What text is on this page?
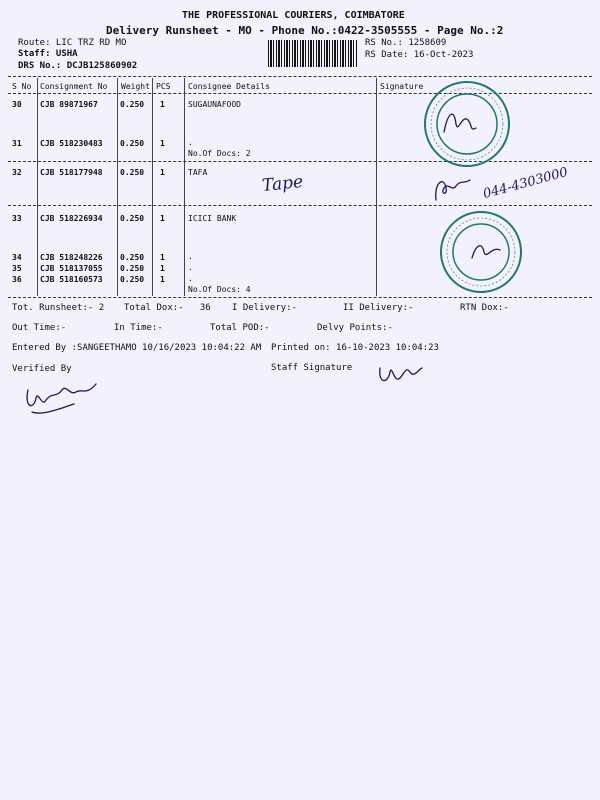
THE PROFESSIONAL COURIERS, COIMBATORE
Delivery Runsheet - MO - Phone No.:0422-3505555 - Page No.:2
Route: LIC TRZ RD MO
Staff: USHA
DRS No.: DCJB125860902
RS No.: 1258609
RS Date: 16-Oct-2023
S No Consignment No Weight PCS Consignee Details	Signature
30 CJB 89871967	0.250 1	SUGAUNAFOOD
31 CJB 518230483 0.250 1	.
No.Of Docs: 2
32 CJB 518177948 0.250 1	TAFA
33 CJB 518226934 0.250 1	ICICI BANK
34 CJB 518248226 0.250 1	.
35 CJB 518137055 0.250 1	.
36 CJB 518160573 0.250 1	.
No.Of Docs: 4
Tot. Runsheet:- 2 Total Dox:-   36 I Delivery:-	II Delivery:-	RTN Dox:-
Out Time:-	In Time:-	Total POD:-	Delvy Points:-
Entered By :SANGEETHAMO 10/16/2023 10:04:22 AM Printed on: 16-10-2023 10:04:23
Verified By	Staff Signature
Tape	044-4303000
